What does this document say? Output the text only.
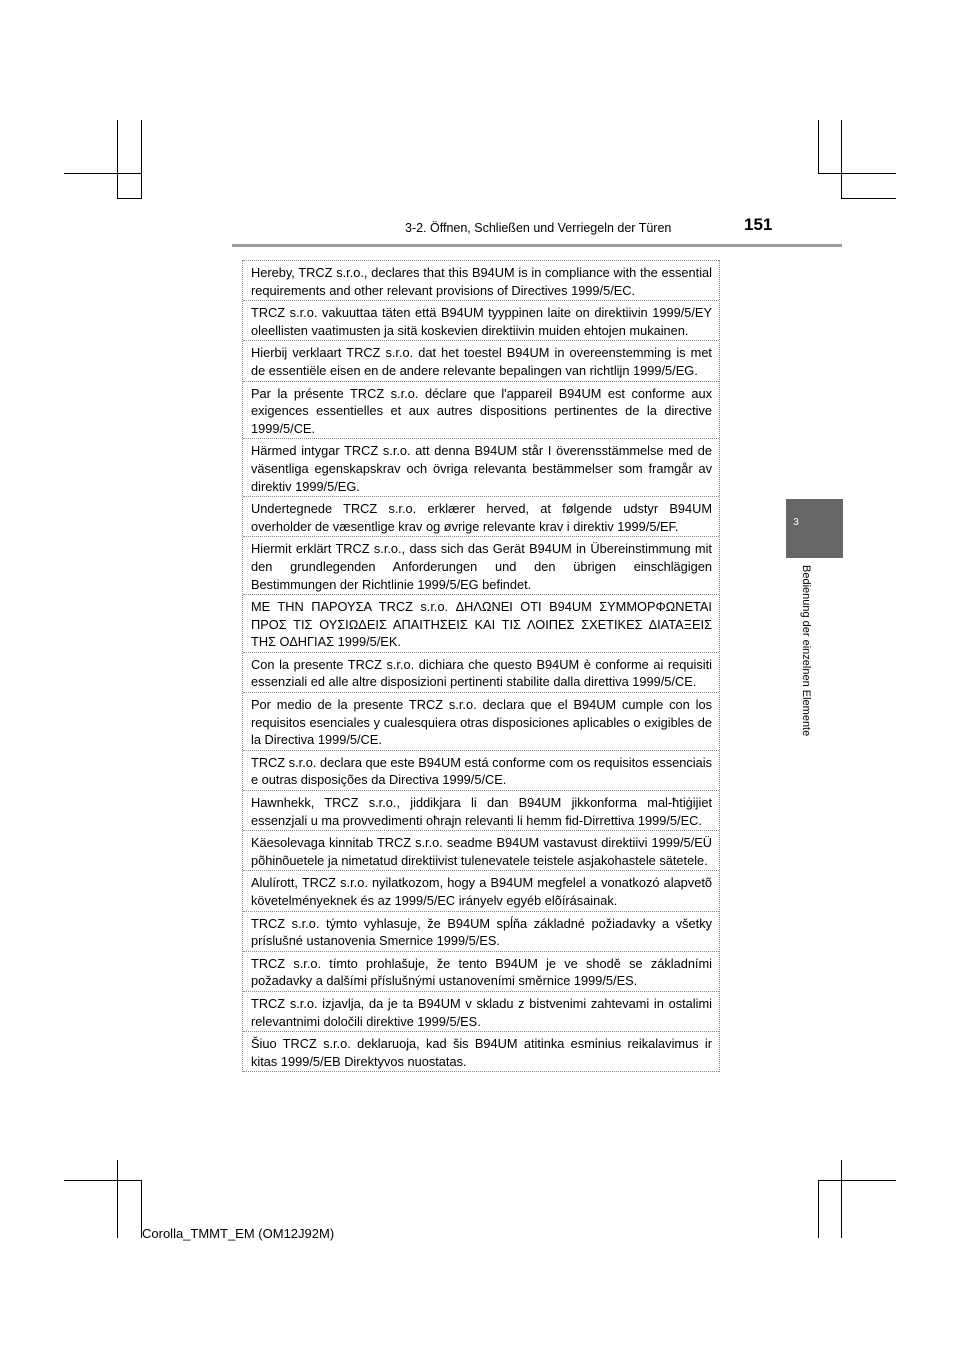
3-2. Öffnen, Schließen und Verriegeln der Türen	151
3
Bedienung der einzelnen Elemente
Hereby, TRCZ s.r.o., declares that this B94UM is in compliance with the essential requirements and other relevant provisions of Directives 1999/5/EC.
TRCZ s.r.o. vakuuttaa täten että B94UM tyyppinen laite on direktiivin 1999/5/EY oleellisten vaatimusten ja sitä koskevien direktiivin muiden ehtojen mukainen.
Hierbij verklaart TRCZ s.r.o. dat het toestel B94UM in overeenstemming is met de essentiële eisen en de andere relevante bepalingen van richtlijn 1999/5/EG.
Par la présente TRCZ s.r.o. déclare que l'appareil B94UM est conforme aux exigences essentielles et aux autres dispositions pertinentes de la directive 1999/5/CE.
Härmed intygar TRCZ s.r.o. att denna B94UM står I överensstämmelse med de väsentliga egenskapskrav och övriga relevanta bestämmelser som framgår av direktiv 1999/5/EG.
Undertegnede TRCZ s.r.o. erklærer herved, at følgende udstyr B94UM overholder de væsentlige krav og øvrige relevante krav i direktiv 1999/5/EF.
Hiermit erklärt TRCZ s.r.o., dass sich das Gerät B94UM in Übereinstimmung mit den grundlegenden Anforderungen und den übrigen einschlägigen Bestimmungen der Richtlinie 1999/5/EG befindet.
ΜΕ ΤΗΝ ΠΑΡΟΥΣΑ TRCZ s.r.o. ΔΗΛΩΝΕΙ ΟΤΙ B94UM ΣΥΜΜΟΡΦΩΝΕΤΑΙ ΠΡΟΣ ΤΙΣ ΟΥΣΙΩΔΕΙΣ ΑΠΑΙΤΗΣΕΙΣ ΚΑΙ ΤΙΣ ΛΟΙΠΕΣ ΣΧΕΤΙΚΕΣ ΔΙΑΤΑΞΕΙΣ ΤΗΣ ΟΔΗΓΙΑΣ 1999/5/ΕΚ.
Con la presente TRCZ s.r.o. dichiara che questo B94UM è conforme ai requisiti essenziali ed alle altre disposizioni pertinenti stabilite dalla direttiva 1999/5/CE.
Por medio de la presente TRCZ s.r.o. declara que el B94UM cumple con los requisitos esenciales y cualesquiera otras disposiciones aplicables o exigibles de la Directiva 1999/5/CE.
TRCZ s.r.o. declara que este B94UM está conforme com os requisitos essenciais e outras disposições da Directiva 1999/5/CE.
Hawnhekk, TRCZ s.r.o., jiddikjara li dan B94UM jikkonforma mal-ħtiġijiet essenzjali u ma provvedimenti oħrajn relevanti li hemm fid-Dirrettiva 1999/5/EC.
Käesolevaga kinnitab TRCZ s.r.o. seadme B94UM vastavust direktiivi 1999/5/EÜ põhinõuetele ja nimetatud direktiivist tulenevatele teistele asjakohastele sätetele.
Alulírott, TRCZ s.r.o. nyilatkozom, hogy a B94UM megfelel a vonatkozó alapvetõ követelményeknek és az 1999/5/EC irányelv egyéb elõírásainak.
TRCZ s.r.o. týmto vyhlasuje, že B94UM spĺňa základné požiadavky a všetky príslušné ustanovenia Smernice 1999/5/ES.
TRCZ s.r.o. tímto prohlašuje, že tento B94UM je ve shodě se základními požadavky a dalšími příslušnými ustanoveními směrnice 1999/5/ES.
TRCZ s.r.o. izjavlja, da je ta B94UM v skladu z bistvenimi zahtevami in ostalimi relevantnimi določili direktive 1999/5/ES.
Šiuo TRCZ s.r.o. deklaruoja, kad šis B94UM atitinka esminius reikalavimus ir kitas 1999/5/EB Direktyvos nuostatas.
Corolla_TMMT_EM (OM12J92M)
